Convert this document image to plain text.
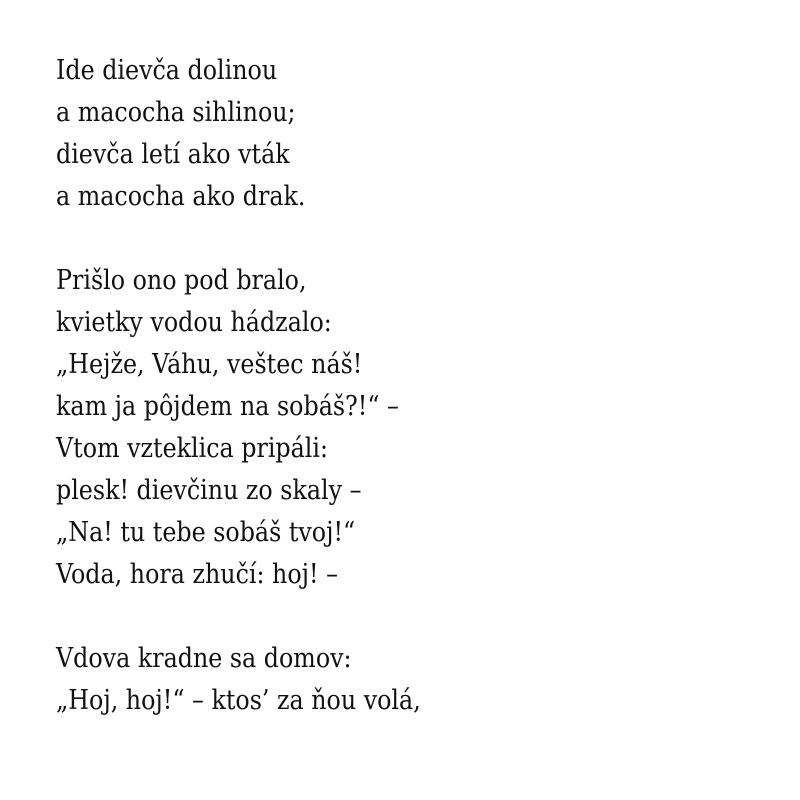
Ide dievča dolinou
a macocha sihlinou;
dievča letí ako vták
a macocha ako drak.
Prišlo ono pod bralo,
kvietky vodou hádzalo:
„Hejže, Váhu, veštec náš!
kam ja pôjdem na sobáš?!“ –
Vtom vzteklica pripáli:
plesk! dievčinu zo skaly –
„Na! tu tebe sobáš tvoj!“
Voda, hora zhučí: hoj! –
Vdova kradne sa domov:
„Hoj, hoj!“ – ktos’ za ňou volá,
